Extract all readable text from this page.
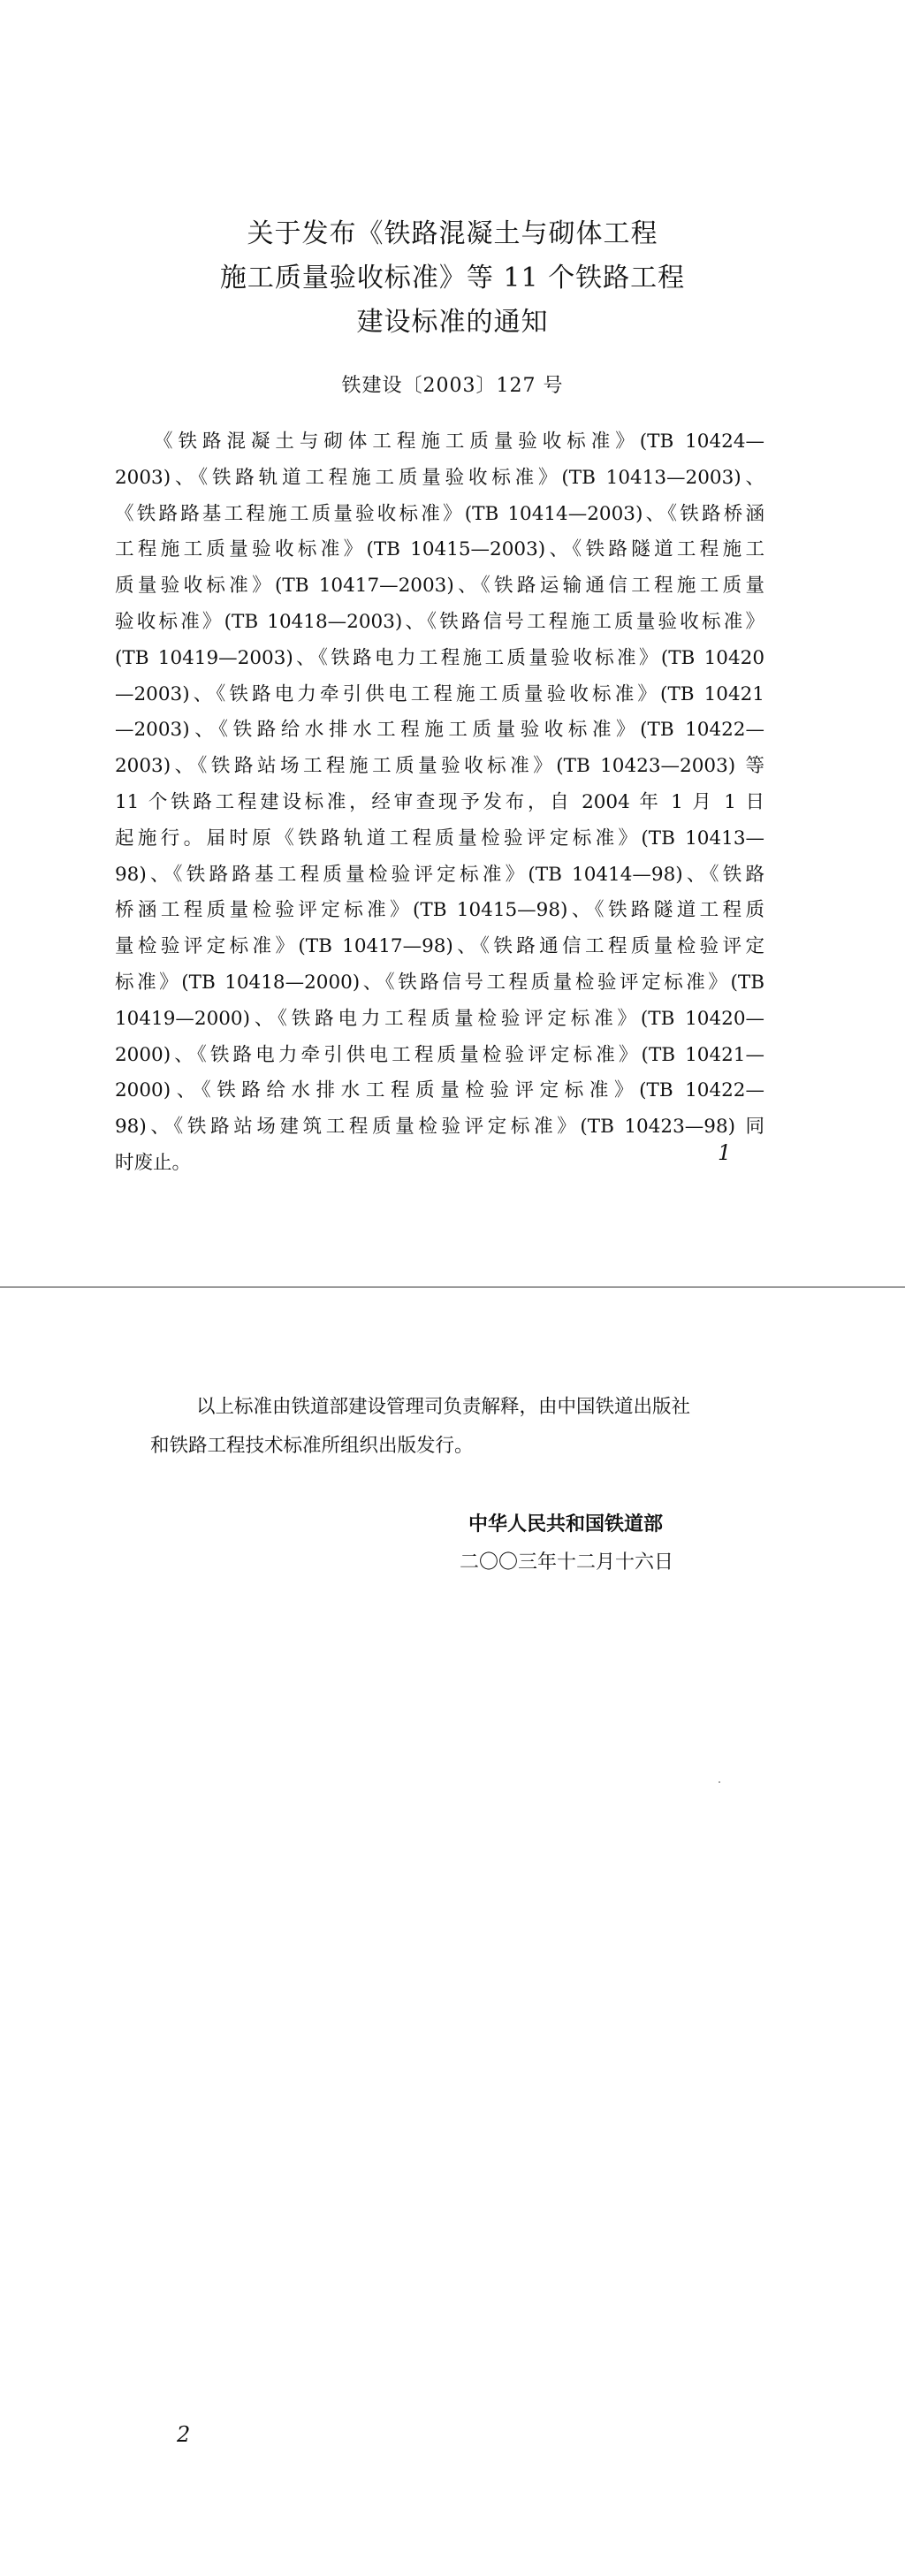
关于发布《铁路混凝土与砌体工程
施工质量验收标准》等 11 个铁路工程
建设标准的通知
铁建设〔2003〕127 号
《铁路混凝土与砌体工程施工质量验收标准》(TB 10424—
2003)、《铁路轨道工程施工质量验收标准》(TB 10413—2003)、
《铁路路基工程施工质量验收标准》(TB 10414—2003)、《铁路桥涵
工程施工质量验收标准》(TB 10415—2003)、《铁路隧道工程施工
质量验收标准》(TB 10417—2003)、《铁路运输通信工程施工质量
验收标准》(TB 10418—2003)、《铁路信号工程施工质量验收标准》
(TB 10419—2003)、《铁路电力工程施工质量验收标准》(TB 10420
—2003)、《铁路电力牵引供电工程施工质量验收标准》(TB 10421
—2003)、《铁路给水排水工程施工质量验收标准》(TB 10422—
2003)、《铁路站场工程施工质量验收标准》(TB 10423—2003) 等
11 个铁路工程建设标准，经审查现予发布，自 2004 年 1 月 1 日
起施行。届时原《铁路轨道工程质量检验评定标准》(TB 10413—
98)、《铁路路基工程质量检验评定标准》(TB 10414—98)、《铁路
桥涵工程质量检验评定标准》(TB 10415—98)、《铁路隧道工程质
量检验评定标准》(TB 10417—98)、《铁路通信工程质量检验评定
标准》(TB 10418—2000)、《铁路信号工程质量检验评定标准》(TB
10419—2000)、《铁路电力工程质量检验评定标准》(TB 10420—
2000)、《铁路电力牵引供电工程质量检验评定标准》(TB 10421—
2000)、《铁路给水排水工程质量检验评定标准》(TB 10422—
98)、《铁路站场建筑工程质量检验评定标准》(TB 10423—98) 同
时废止。	1
以上标准由铁道部建设管理司负责解释，由中国铁道出版社
和铁路工程技术标准所组织出版发行。
中华人民共和国铁道部
二〇〇三年十二月十六日
2
